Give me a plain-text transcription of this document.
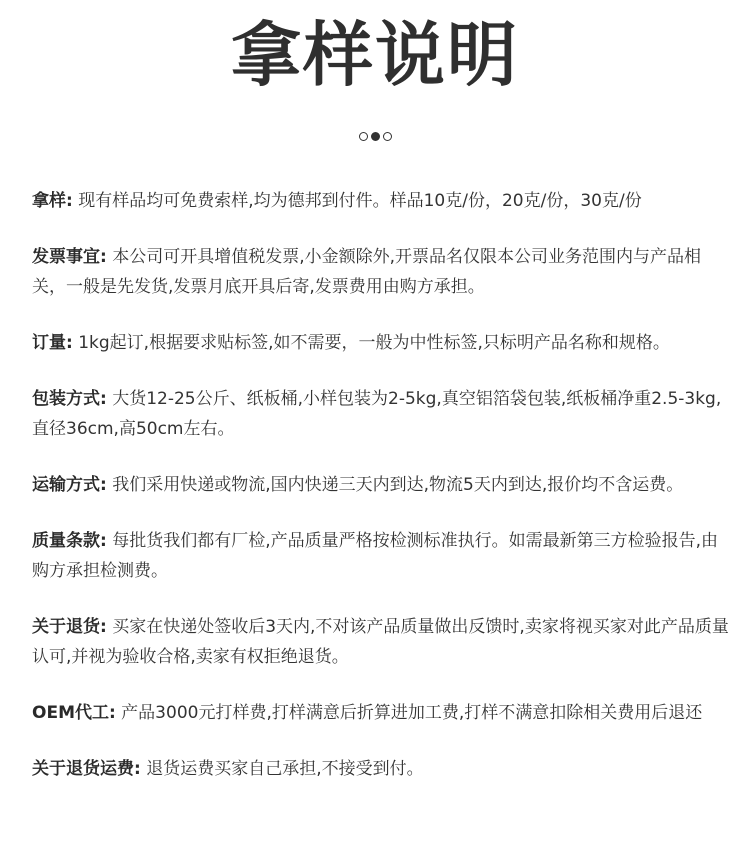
拿样说明
拿样: 现有样品均可免费索样,均为德邦到付件。样品10克/份，20克/份，30克/份
发票事宜: 本公司可开具增值税发票,小金额除外,开票品名仅限本公司业务范围内与产品相关，一般是先发货,发票月底开具后寄,发票费用由购方承担。
订量: 1kg起订,根据要求贴标签,如不需要，一般为中性标签,只标明产品名称和规格。
包装方式: 大货12-25公斤、纸板桶,小样包装为2-5kg,真空铝箔袋包装,纸板桶净重2.5-3kg,直径36cm,高50cm左右。
运输方式: 我们采用快递或物流,国内快递三天内到达,物流5天内到达,报价均不含运费。
质量条款: 每批货我们都有厂检,产品质量严格按检测标准执行。如需最新第三方检验报告,由购方承担检测费。
关于退货: 买家在快递处签收后3天内,不对该产品质量做出反馈时,卖家将视买家对此产品质量认可,并视为验收合格,卖家有权拒绝退货。
OEM代工: 产品3000元打样费,打样满意后折算进加工费,打样不满意扣除相关费用后退还
关于退货运费: 退货运费买家自己承担,不接受到付。
